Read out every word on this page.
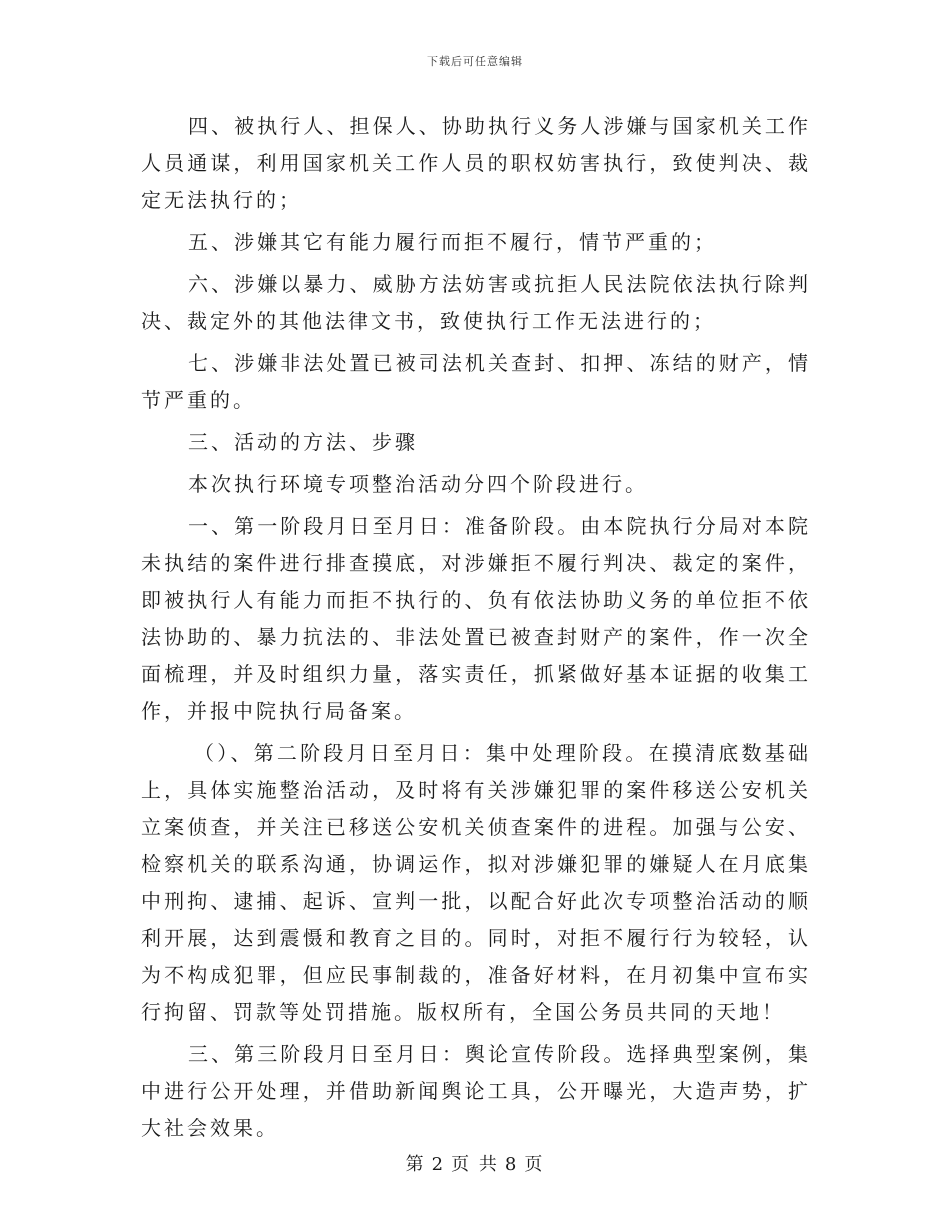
下载后可任意编辑

四、被执行人、担保人、协助执行义务人涉嫌与国家机关工作人员通谋，利用国家机关工作人员的职权妨害执行，致使判决、裁定无法执行的；

五、涉嫌其它有能力履行而拒不履行，情节严重的；

六、涉嫌以暴力、威胁方法妨害或抗拒人民法院依法执行除判决、裁定外的其他法律文书，致使执行工作无法进行的；

七、涉嫌非法处置已被司法机关查封、扣押、冻结的财产，情节严重的。

三、活动的方法、步骤

本次执行环境专项整治活动分四个阶段进行。

一、第一阶段月日至月日：准备阶段。由本院执行分局对本院未执结的案件进行排查摸底，对涉嫌拒不履行判决、裁定的案件，即被执行人有能力而拒不执行的、负有依法协助义务的单位拒不依法协助的、暴力抗法的、非法处置已被查封财产的案件，作一次全面梳理，并及时组织力量，落实责任，抓紧做好基本证据的收集工作，并报中院执行局备案。

（）、第二阶段月日至月日：集中处理阶段。在摸清底数基础上，具体实施整治活动，及时将有关涉嫌犯罪的案件移送公安机关立案侦查，并关注已移送公安机关侦查案件的进程。加强与公安、检察机关的联系沟通，协调运作，拟对涉嫌犯罪的嫌疑人在月底集中刑拘、逮捕、起诉、宣判一批，以配合好此次专项整治活动的顺利开展，达到震慑和教育之目的。同时，对拒不履行行为较轻，认为不构成犯罪，但应民事制裁的，准备好材料，在月初集中宣布实行拘留、罚款等处罚措施。版权所有，全国公务员共同的天地！

三、第三阶段月日至月日：舆论宣传阶段。选择典型案例，集中进行公开处理，并借助新闻舆论工具，公开曝光，大造声势，扩大社会效果。

第 2 页 共 8 页
